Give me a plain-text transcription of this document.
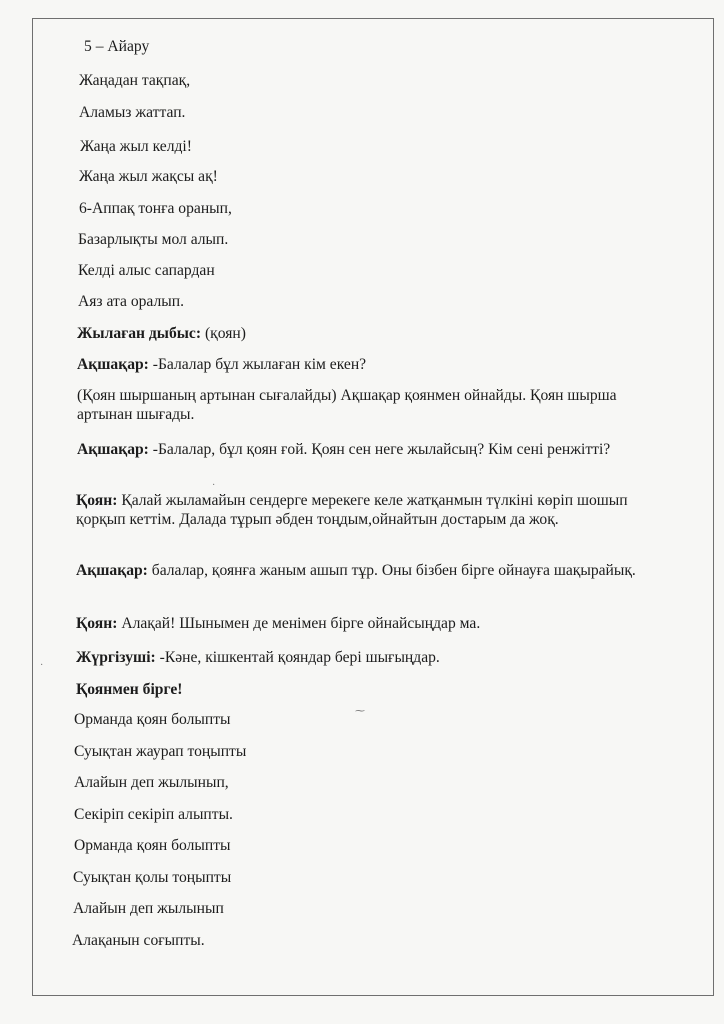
5 – Айару
Жаңадан тақпақ,
Аламыз жаттап.
Жаңа жыл келді!
Жаңа жыл жақсы ақ!
6-Аппақ тонға оранып,
Базарлықты мол алып.
Келді алыс сапардан
Аяз ата оралып.
Жылаған дыбыс: (қоян)
Ақшақар: -Балалар бұл жылаған кім екен?
(Қоян шыршаның артынан сығалайды) Ақшақар қоянмен ойнайды. Қоян шырша артынан шығады.
Ақшақар: -Балалар, бұл қоян ғой. Қоян сен неге жылайсың? Кім сені ренжітті?
Қоян: Қалай жыламайын сендерге мерекеге келе жатқанмын түлкіні көріп шошып қорқып кеттім. Далада тұрып әбден тоңдым,ойнайтын достарым да жоқ.
Ақшақар: балалар, қоянға жаным ашып тұр. Оны бізбен бірге ойнауға шақырайық.
Қоян: Алақай! Шынымен де менімен бірге ойнайсыңдар ма.
Жүргізуші: -Кәне, кішкентай қояндар бері шығыңдар.
Қоянмен бірге!
Орманда қоян болыпты
Суықтан жаурап тоңыпты
Алайын деп жылынып,
Секіріп секіріп алыпты.
Орманда қоян болыпты
Суықтан қолы тоңыпты
Алайын деп жылынып
Алақанын соғыпты.
⁓
·
·
